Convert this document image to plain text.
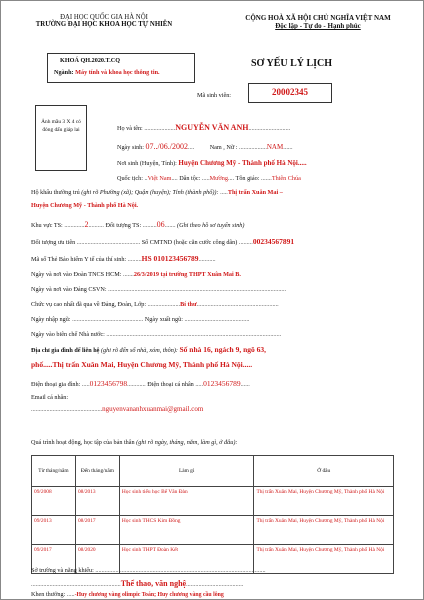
ĐẠI HỌC QUỐC GIA HÀ NỘI
TRƯỜNG ĐẠI HỌC KHOA HỌC TỰ NHIÊN
CỘNG HOÀ XÃ HỘI CHỦ NGHĨA VIỆT NAM
Độc lập - Tự do - Hạnh phúc
KHOÁ QH.2020.T.CQ
Ngành: Máy tính và khoa học thông tin.
SƠ YẾU LÝ LỊCH
Mã sinh viên:	20002345
Ảnh mầu 3 X 4 có đóng dấu giáp lai	Họ và tên: ....................NGUYỄN VĂN ANH...........................
Ngày sinh: 07../06./2002....	Nam , Nữ : ..................NAM......
Nơi sinh (Huyện, Tỉnh): Huyện Chương Mỹ - Thành phố Hà Nội.....
Quốc tịch: ..Việt Nam.... Dân tộc: .....Mường.... Tôn giáo: .......Thiên Chúa
Hộ khẩu thường trú (ghi rõ Phường (xã); Quận (huyện); Tỉnh (thành phố)): .....Thị trấn Xuân Mai –
Huyện Chương Mỹ - Thành phố Hà Nội.
Khu vực TS: .............2.......... Đối tượng TS: .........06....... (Ghi theo hồ sơ tuyển sinh)
Đối tượng ưu tiên ......................................... Số CMTND (hoặc căn cước công dân) .........00234567891
Mã số Thẻ Bảo hiểm Y tế của thí sinh: .........HS 010123456789...........
Ngày và nơi vào Đoàn TNCS HCM: .......26/3/2019 tại trường THPT Xuân Mai B.
Ngày và nơi vào Đảng CSVN: ...................................................................................................................
Chức vụ cao nhất đã qua về Đảng, Đoàn, Lớp: .....................Bí thư.....................................................
Ngày nhập ngũ: .............................................. Ngày xuất ngũ: ..........................................
Ngày vào biên chế Nhà nước: .................................................................................................................
Địa chỉ gia đình để liên hệ (ghi rõ đến số nhà, xóm, thôn): Số nhà 16, ngách 9, ngõ 63,
phố.....Thị trấn Xuân Mai, Huyện Chương Mỹ, Thành phố Hà Nội.....
Điện thoại gia đình: .....0123456798............ Điện thoại cá nhân .....0123456789......
Email cá nhân:
..............................................nguyenvananhxuanmai@gmail.com
Quá trình hoạt động, học tập của bản thân (ghi rõ ngày, tháng, năm, làm gì, ở đâu):
Từ tháng/năm	Đến tháng/năm	Làm gì	Ở đâu
09/2008	08/2013	Học sinh tiểu học Bế Văn Đàn	Thị trấn Xuân Mai, Huyện Chương Mỹ, Thành phố Hà Nội
09/2013	08/2017	Học sinh THCS Kim Đồng	Thị trấn Xuân Mai, Huyện Chương Mỹ, Thành phố Hà Nội
09/2017	08/2020	Học sinh THPT Đoàn Kết	Thị trấn Xuân Mai, Huyện Chương Mỹ, Thành phố Hà Nội
Sở trường và năng khiếu: ..............................................................................................................
..........................................................Thể thao, văn nghệ.....................................
Khen thưởng: .....-Huy chương vàng olimpic Toán; Huy chương vàng cầu lông
